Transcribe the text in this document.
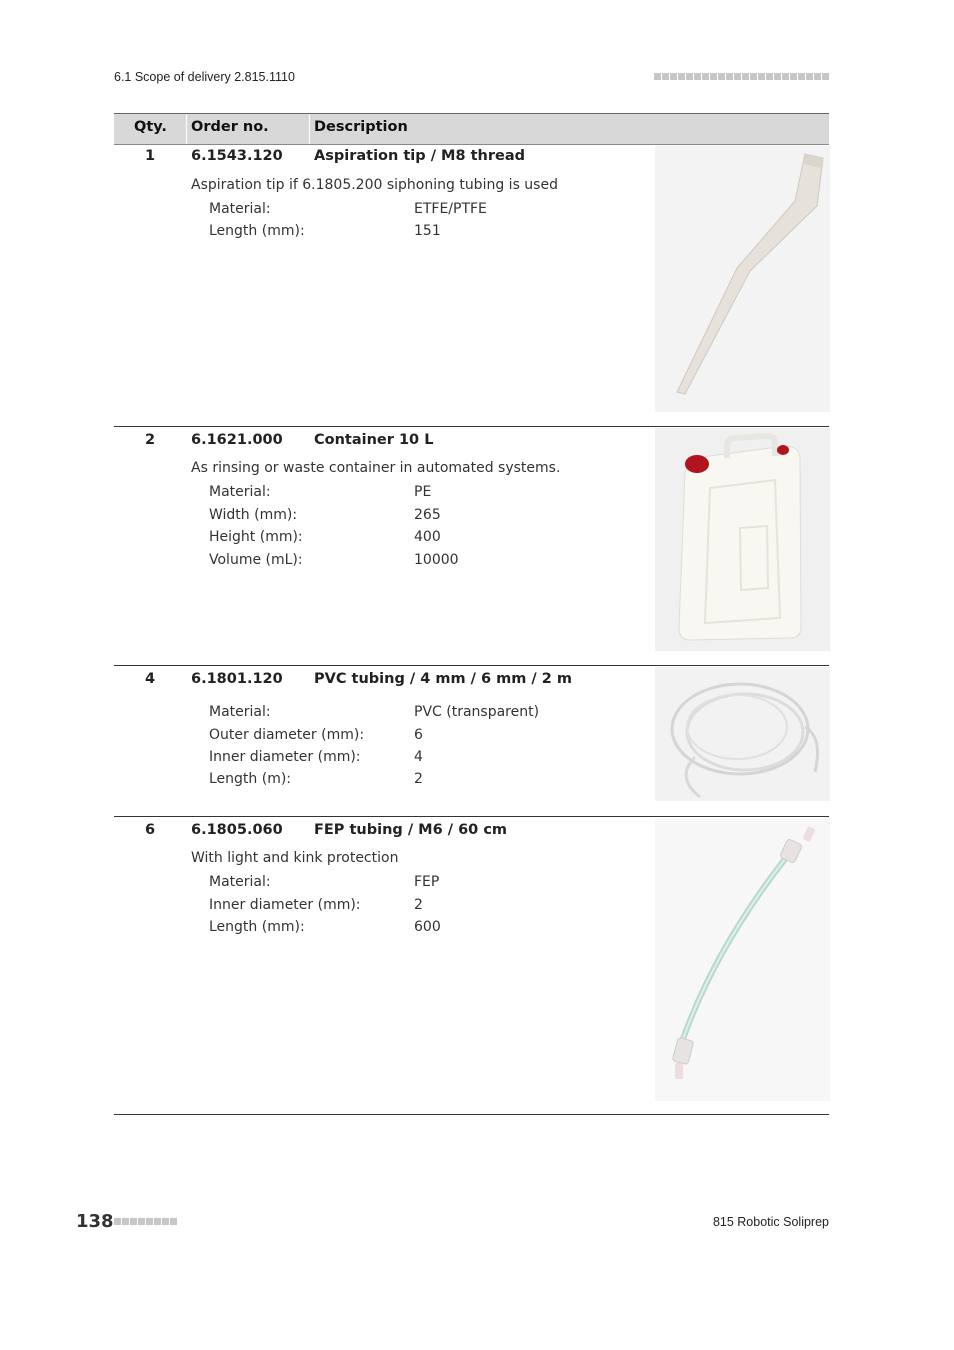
6.1 Scope of delivery 2.815.1110
Qty. Order no.	Description
1 6.1543.120 Aspiration tip / M8 thread
Aspiration tip if 6.1805.200 siphoning tubing is used
Material:	ETFE/PTFE
Length (mm):	151
2 6.1621.000 Container 10 L
As rinsing or waste container in automated systems.
Material:	PE
Width (mm):	265
Height (mm):	400
Volume (mL):	10000
4 6.1801.120 PVC tubing / 4 mm / 6 mm / 2 m
Material:	PVC (transparent)
Outer diameter (mm):	6
Inner diameter (mm):	4
Length (m):	2
6 6.1805.060 FEP tubing / M6 / 60 cm
With light and kink protection
Material:	FEP
Inner diameter (mm):	2
Length (mm):	600
138	815 Robotic Soliprep
